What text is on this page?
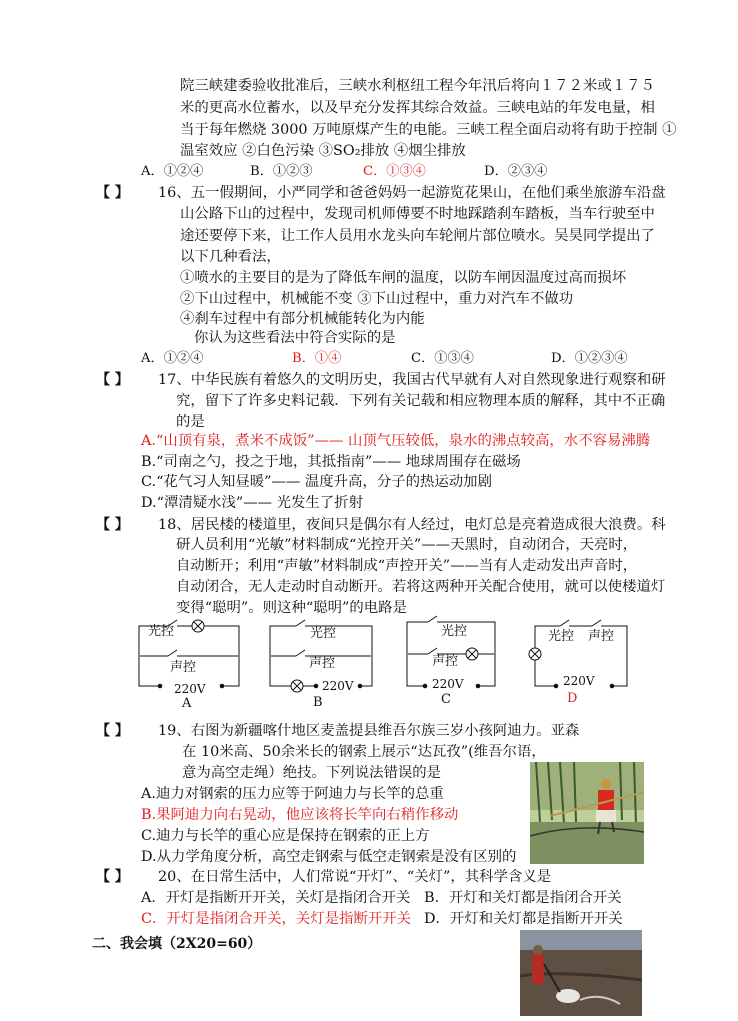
院三峡建委验收批准后，三峡水利枢纽工程今年汛后将向１７２米或１７５
米的更高水位蓄水，以及早充分发挥其综合效益。三峡电站的年发电量，相
当于每年燃烧 3000 万吨原煤产生的电能。三峡工程全面启动将有助于控制 ①
温室效应 ②白色污染 ③SO₂排放 ④烟尘排放
A．①②④	B．①②③	C．①③④	D．②③④
【 】 16、五一假期间，小严同学和爸爸妈妈一起游览花果山，在他们乘坐旅游车沿盘
山公路下山的过程中，发现司机师傅要不时地踩踏刹车踏板，当车行驶至中
途还要停下来，让工作人员用水龙头向车轮闸片部位喷水。吴昊同学提出了
以下几种看法，
①喷水的主要目的是为了降低车闸的温度，以防车闸因温度过高而损坏
②下山过程中，机械能不变 ③下山过程中，重力对汽车不做功
④刹车过程中有部分机械能转化为内能
你认为这些看法中符合实际的是
A．①②④	B．①④	C．①③④	D．①②③④
【 】 17、中华民族有着悠久的文明历史，我国古代早就有人对自然现象进行观察和研
究，留下了许多史料记载．下列有关记载和相应物理本质的解释，其中不正确
的是
A.“山顶有泉，煮米不成饭”—— 山顶气压较低，泉水的沸点较高，水不容易沸腾
B.“司南之勺，投之于地，其抵指南”—— 地球周围存在磁场
C.“花气习人知昼暖”—— 温度升高，分子的热运动加剧
D.“潭清疑水浅”—— 光发生了折射
【 】 18、居民楼的楼道里，夜间只是偶尔有人经过，电灯总是亮着造成很大浪费。科
研人员利用“光敏”材料制成“光控开关”——天黑时，自动闭合，天亮时，
自动断开；利用“声敏”材料制成“声控开关”——当有人走动发出声音时，
自动闭合，无人走动时自动断开。若将这两种开关配合使用，就可以使楼道灯
变得“聪明”。则这种“聪明”的电路是
光控
声控
220V
A
光控
声控
220V
B
光控
声控
220V
C
光控 声控
220V
D
【 】 19、右图为新疆喀什地区麦盖提县维吾尔族三岁小孩阿迪力。亚森
在 10米高、50余米长的钢索上展示“达瓦孜”(维吾尔语，
意为高空走绳）绝技。下列说法错误的是
A.迪力对钢索的压力应等于阿迪力与长竿的总重
B.果阿迪力向右晃动，他应该将长竿向右稍作移动
C.迪力与长竿的重心应是保持在钢索的正上方
D.从力学角度分析，高空走钢索与低空走钢索是没有区别的
【 】 20、在日常生活中，人们常说“开灯”、“关灯”，其科学含义是
A．开灯是指断开开关，关灯是指闭合开关 B．开灯和关灯都是指闭合开关
C．开灯是指闭合开关，关灯是指断开开关 D．开灯和关灯都是指断开开关
二、我会填（2X20=60）
